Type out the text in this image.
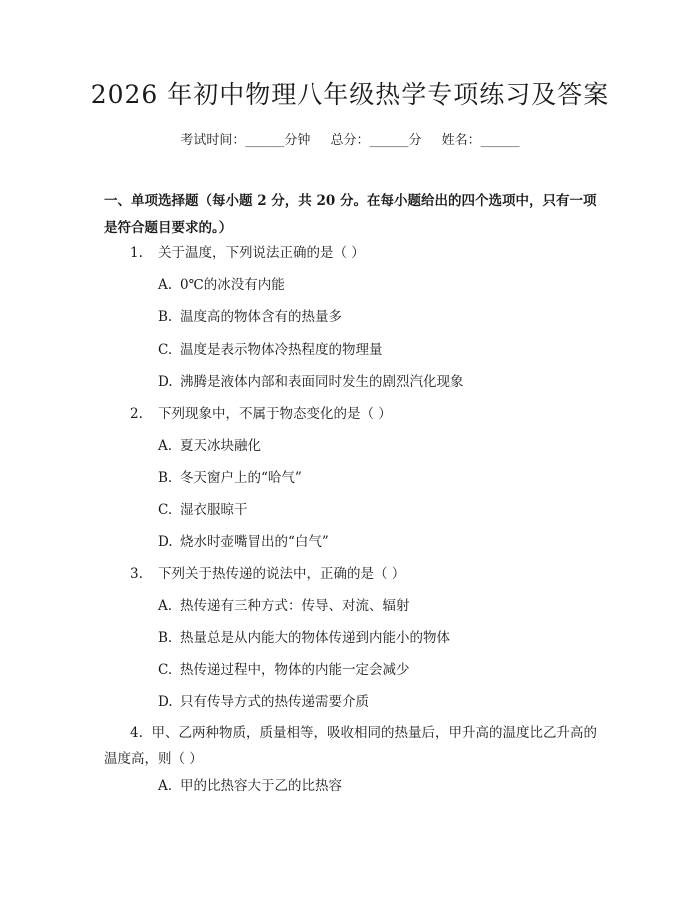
2026 年初中物理八年级热学专项练习及答案
考试时间：______分钟 总分：______分 姓名：______
一、单项选择题（每小题 2 分，共 20 分。在每小题给出的四个选项中，只有一项是符合题目要求的。）
1. 关于温度，下列说法正确的是（ ）
A. 0℃的冰没有内能
B. 温度高的物体含有的热量多
C. 温度是表示物体冷热程度的物理量
D. 沸腾是液体内部和表面同时发生的剧烈汽化现象
2. 下列现象中，不属于物态变化的是（ ）
A. 夏天冰块融化
B. 冬天窗户上的“哈气”
C. 湿衣服晾干
D. 烧水时壶嘴冒出的“白气”
3. 下列关于热传递的说法中，正确的是（ ）
A. 热传递有三种方式：传导、对流、辐射
B. 热量总是从内能大的物体传递到内能小的物体
C. 热传递过程中，物体的内能一定会减少
D. 只有传导方式的热传递需要介质
4. 甲、乙两种物质，质量相等，吸收相同的热量后，甲升高的温度比乙升高的温度高，则（ ）
A. 甲的比热容大于乙的比热容
